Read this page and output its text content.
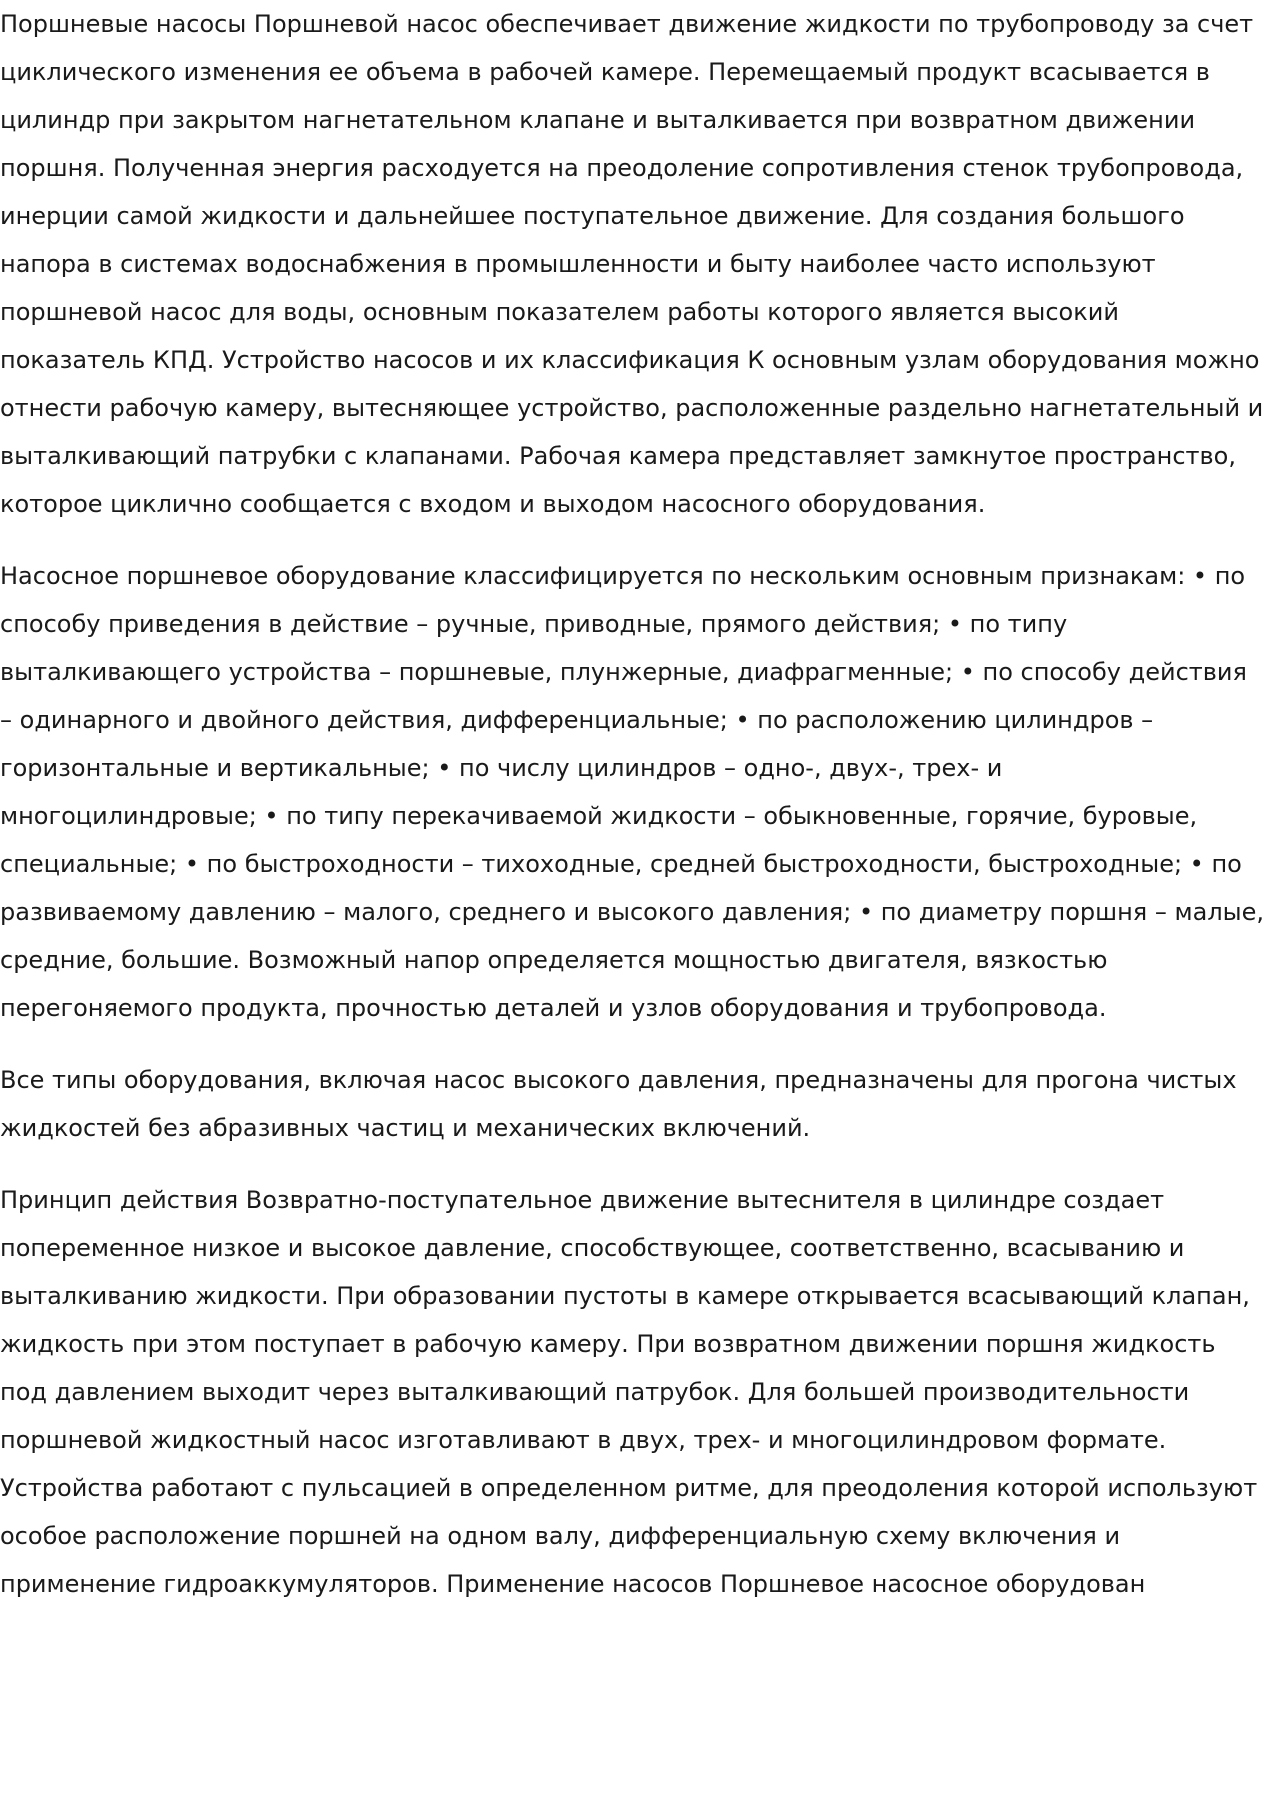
Поршневые насосы Поршневой насос обеспечивает движение жидкости по трубопроводу за счет циклического изменения ее объема в рабочей камере. Перемещаемый продукт всасывается в цилиндр при закрытом нагнетательном клапане и выталкивается при возвратном движении поршня. Полученная энергия расходуется на преодоление сопротивления стенок трубопровода, инерции самой жидкости и дальнейшее поступательное движение. Для создания большого напора в системах водоснабжения в промышленности и быту наиболее часто используют поршневой насос для воды, основным показателем работы которого является высокий показатель КПД. Устройство насосов и их классификация К основным узлам оборудования можно отнести рабочую камеру, вытесняющее устройство, расположенные раздельно нагнетательный и выталкивающий патрубки с клапанами. Рабочая камера представляет замкнутое пространство, которое циклично сообщается с входом и выходом насосного оборудования.

Насосное поршневое оборудование классифицируется по нескольким основным признакам: • по способу приведения в действие – ручные, приводные, прямого действия; • по типу выталкивающего устройства – поршневые, плунжерные, диафрагменные; • по способу действия – одинарного и двойного действия, дифференциальные; • по расположению цилиндров – горизонтальные и вертикальные; • по числу цилиндров – одно-, двух-, трех- и многоцилиндровые; • по типу перекачиваемой жидкости – обыкновенные, горячие, буровые, специальные; • по быстроходности – тихоходные, средней быстроходности, быстроходные; • по развиваемому давлению – малого, среднего и высокого давления; • по диаметру поршня – малые, средние, большие. Возможный напор определяется мощностью двигателя, вязкостью перегоняемого продукта, прочностью деталей и узлов оборудования и трубопровода.

Все типы оборудования, включая насос высокого давления, предназначены для прогона чистых жидкостей без абразивных частиц и механических включений.

Принцип действия Возвратно-поступательное движение вытеснителя в цилиндре создает попеременное низкое и высокое давление, способствующее, соответственно, всасыванию и выталкиванию жидкости. При образовании пустоты в камере открывается всасывающий клапан, жидкость при этом поступает в рабочую камеру. При возвратном движении поршня жидкость под давлением выходит через выталкивающий патрубок. Для большей производительности поршневой жидкостный насос изготавливают в двух, трех- и многоцилиндровом формате. Устройства работают с пульсацией в определенном ритме, для преодоления которой используют особое расположение поршней на одном валу, дифференциальную схему включения и применение гидроаккумуляторов. Применение насосов Поршневое насосное оборудован
